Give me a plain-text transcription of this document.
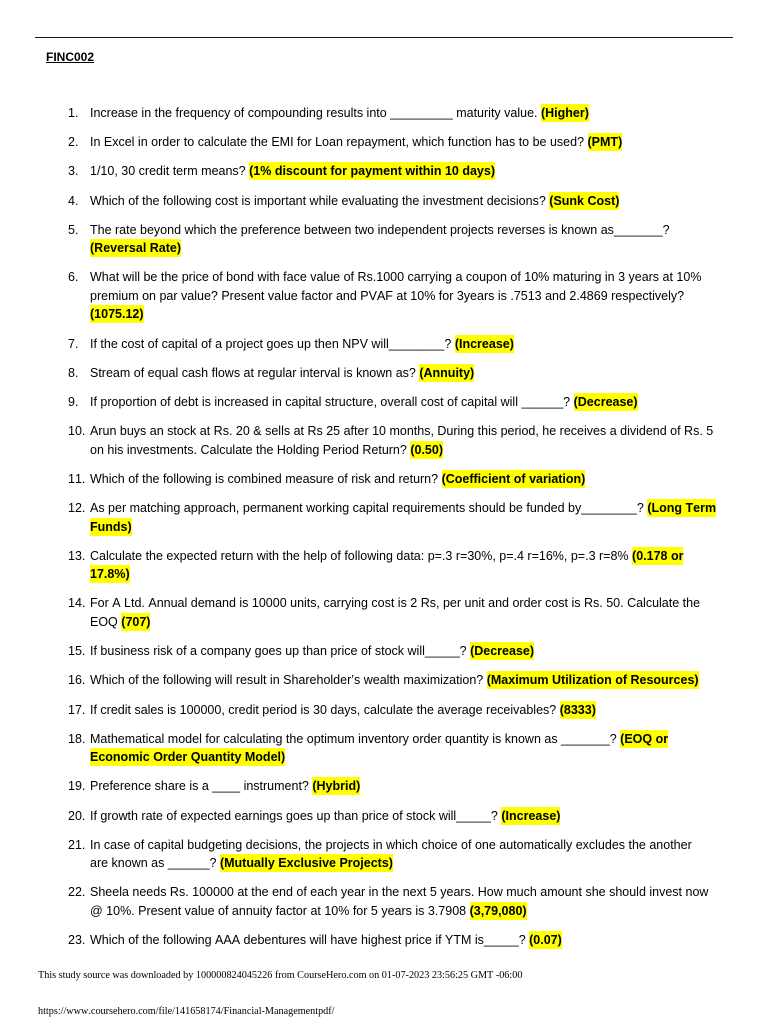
FINC002
1. Increase in the frequency of compounding results into _________ maturity value. (Higher)
2. In Excel in order to calculate the EMI for Loan repayment, which function has to be used? (PMT)
3. 1/10, 30 credit term means? (1% discount for payment within 10 days)
4. Which of the following cost is important while evaluating the investment decisions? (Sunk Cost)
5. The rate beyond which the preference between two independent projects reverses is known as_______? (Reversal Rate)
6. What will be the price of bond with face value of Rs.1000 carrying a coupon of 10% maturing in 3 years at 10% premium on par value? Present value factor and PVAF at 10% for 3years is .7513 and 2.4869 respectively? (1075.12)
7. If the cost of capital of a project goes up then NPV will________? (Increase)
8. Stream of equal cash flows at regular interval is known as? (Annuity)
9. If proportion of debt is increased in capital structure, overall cost of capital will ______? (Decrease)
10. Arun buys an stock at Rs. 20 & sells at Rs 25 after 10 months, During this period, he receives a dividend of Rs. 5 on his investments. Calculate the Holding Period Return? (0.50)
11. Which of the following is combined measure of risk and return? (Coefficient of variation)
12. As per matching approach, permanent working capital requirements should be funded by________? (Long Term Funds)
13. Calculate the expected return with the help of following data: p=.3 r=30%, p=.4 r=16%, p=.3 r=8% (0.178 or 17.8%)
14. For A Ltd. Annual demand is 10000 units, carrying cost is 2 Rs, per unit and order cost is Rs. 50. Calculate the EOQ (707)
15. If business risk of a company goes up than price of stock will_____? (Decrease)
16. Which of the following will result in Shareholder’s wealth maximization? (Maximum Utilization of Resources)
17. If credit sales is 100000, credit period is 30 days, calculate the average receivables? (8333)
18. Mathematical model for calculating the optimum inventory order quantity is known as _______? (EOQ or Economic Order Quantity Model)
19. Preference share is a ____ instrument? (Hybrid)
20. If growth rate of expected earnings goes up than price of stock will_____? (Increase)
21. In case of capital budgeting decisions, the projects in which choice of one automatically excludes the another are known as ______? (Mutually Exclusive Projects)
22. Sheela needs Rs. 100000 at the end of each year in the next 5 years. How much amount she should invest now @ 10%. Present value of annuity factor at 10% for 5 years is 3.7908 (3,79,080)
23. Which of the following AAA debentures will have highest price if YTM is_____? (0.07)
This study source was downloaded by 100000824045226 from CourseHero.com on 01-07-2023 23:56:25 GMT -06:00
https://www.coursehero.com/file/141658174/Financial-Managementpdf/
